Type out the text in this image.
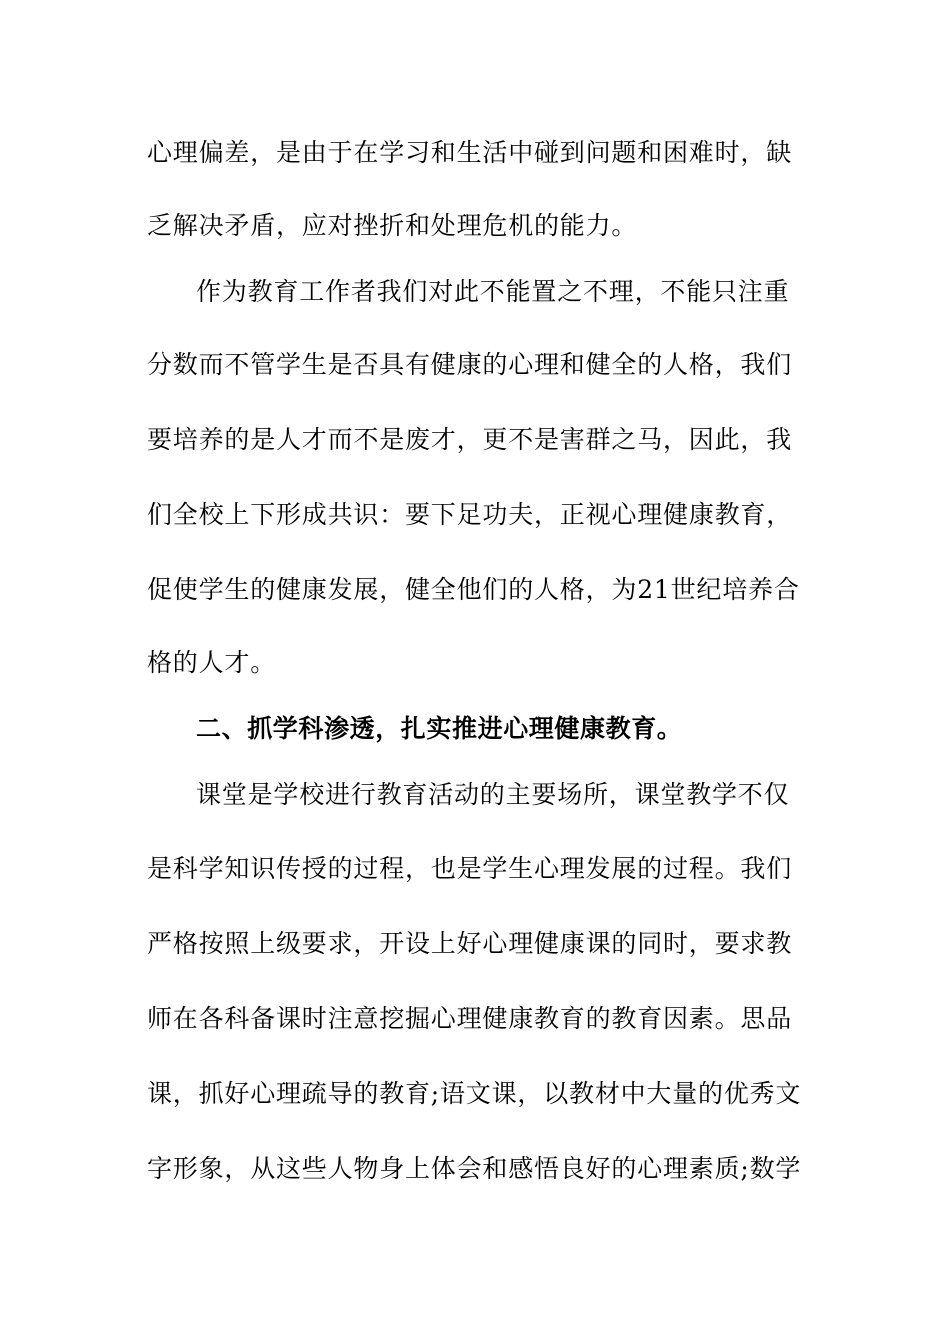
心理偏差，是由于在学习和生活中碰到问题和困难时，缺
乏解决矛盾，应对挫折和处理危机的能力。
作为教育工作者我们对此不能置之不理，不能只注重
分数而不管学生是否具有健康的心理和健全的人格，我们
要培养的是人才而不是废才，更不是害群之马，因此，我
们全校上下形成共识：要下足功夫，正视心理健康教育，
促使学生的健康发展，健全他们的人格，为21世纪培养合
格的人才。
二、抓学科渗透，扎实推进心理健康教育。
课堂是学校进行教育活动的主要场所，课堂教学不仅
是科学知识传授的过程，也是学生心理发展的过程。我们
严格按照上级要求，开设上好心理健康课的同时，要求教
师在各科备课时注意挖掘心理健康教育的教育因素。思品
课，抓好心理疏导的教育;语文课，以教材中大量的优秀文
字形象，从这些人物身上体会和感悟良好的心理素质;数学
